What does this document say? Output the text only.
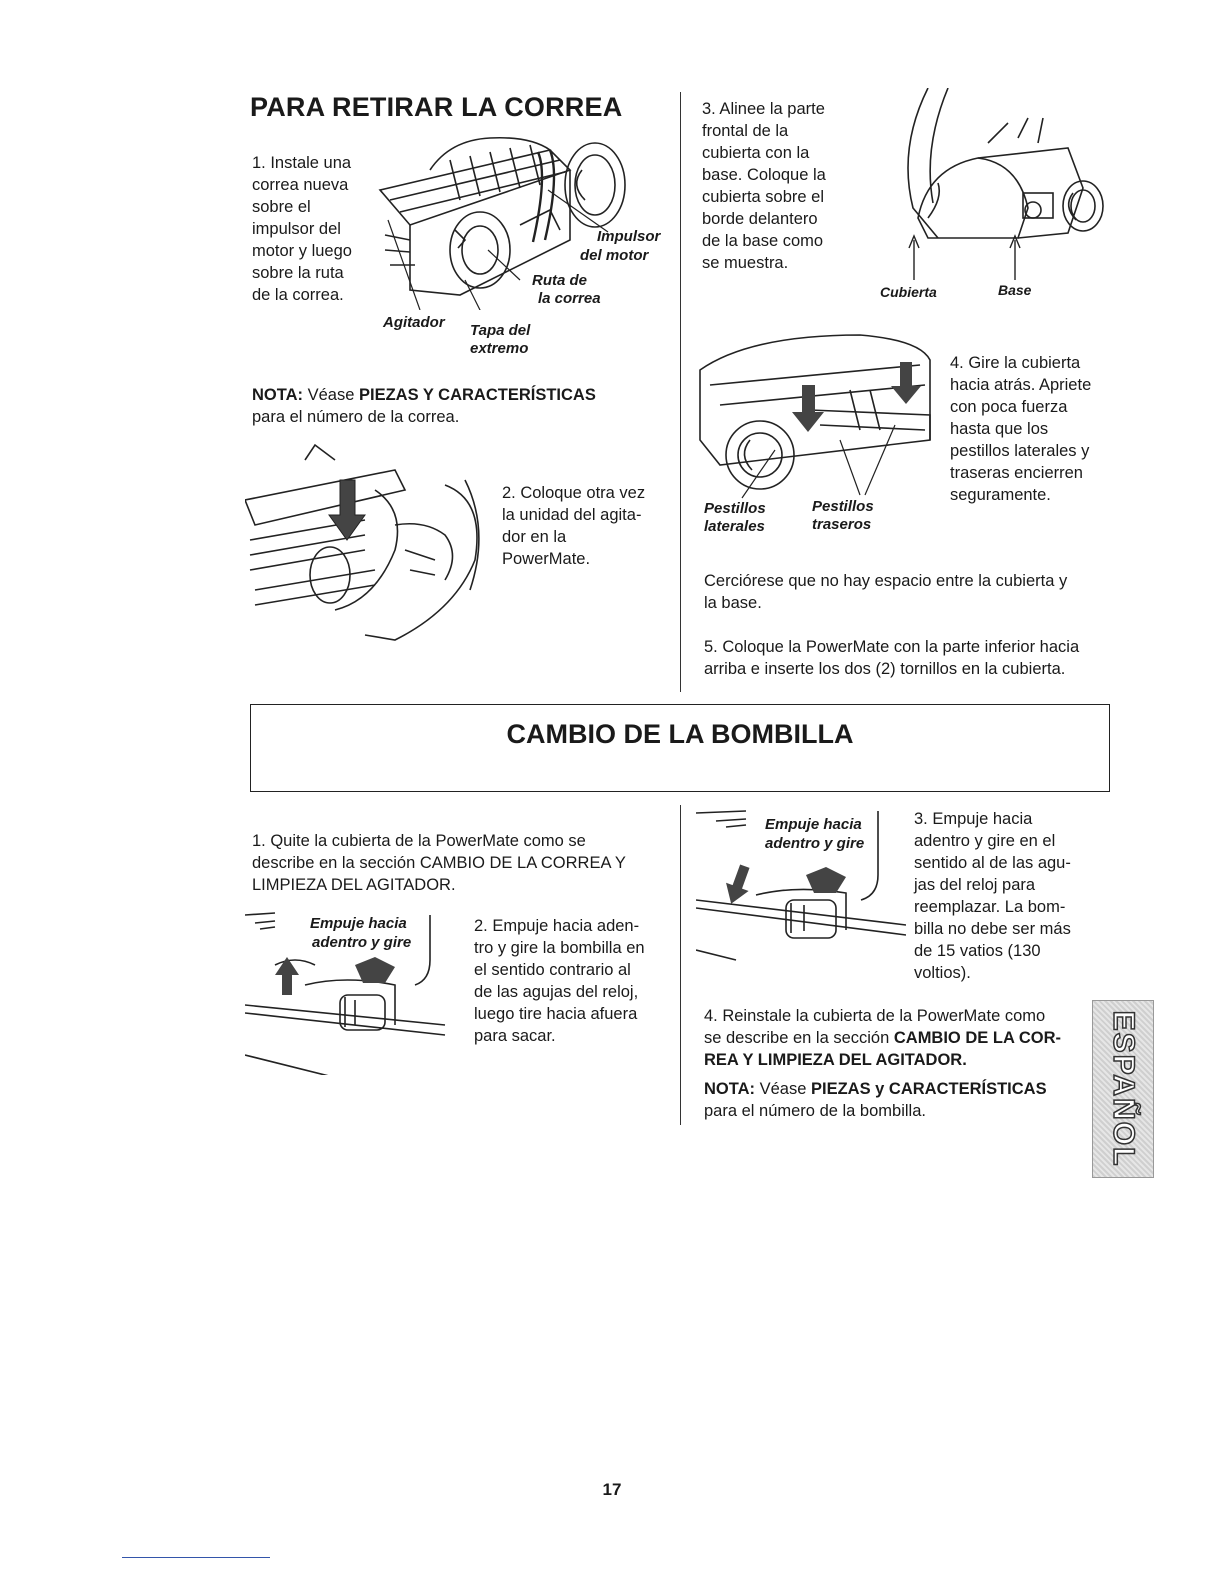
PARA RETIRAR LA CORREA
1. Instale una
correa nueva
sobre el
impulsor del
motor y luego
sobre la ruta
de la correa.
Impulsor
del motor
Ruta de
la correa
Agitador Tapa del
extremo
NOTA: Véase PIEZAS Y CARACTERÍSTICAS
para el número de la correa.
2. Coloque otra vez
la unidad del agita-
dor en la
PowerMate.
3. Alinee la parte
frontal de la
cubierta con la
base. Coloque la
cubierta sobre el
borde delantero
de la base como
se muestra.
Cubierta	Base
4. Gire la cubierta
hacia atrás. Apriete
con poca fuerza
hasta que los
pestillos laterales y
traseras encierren
seguramente.
Pestillos
laterales
Pestillos
traseros
Cerciórese que no hay espacio entre la cubierta y
la base.
5. Coloque la PowerMate con la parte inferior hacia
arriba e inserte los dos (2) tornillos en la cubierta.
CAMBIO DE LA BOMBILLA
1. Quite la cubierta de la PowerMate como se
describe en la sección CAMBIO DE LA CORREA Y
LIMPIEZA DEL AGITADOR.
Empuje hacia
adentro y gire
2. Empuje hacia aden-
tro y gire la bombilla en
el sentido contrario al
de las agujas del reloj,
luego tire hacia afuera
para sacar.
Empuje hacia
adentro y gire
3. Empuje hacia
adentro y gire en el
sentido al de las agu-
jas del reloj para
reemplazar. La bom-
billa no debe ser más
de 15 vatios (130
voltios).
4. Reinstale la cubierta de la PowerMate como
se describe en la sección CAMBIO DE LA COR-
REA Y LIMPIEZA DEL AGITADOR.
NOTA: Véase PIEZAS y CARACTERÍSTICAS
para el número de la bombilla.	ESPAÑOL
17
